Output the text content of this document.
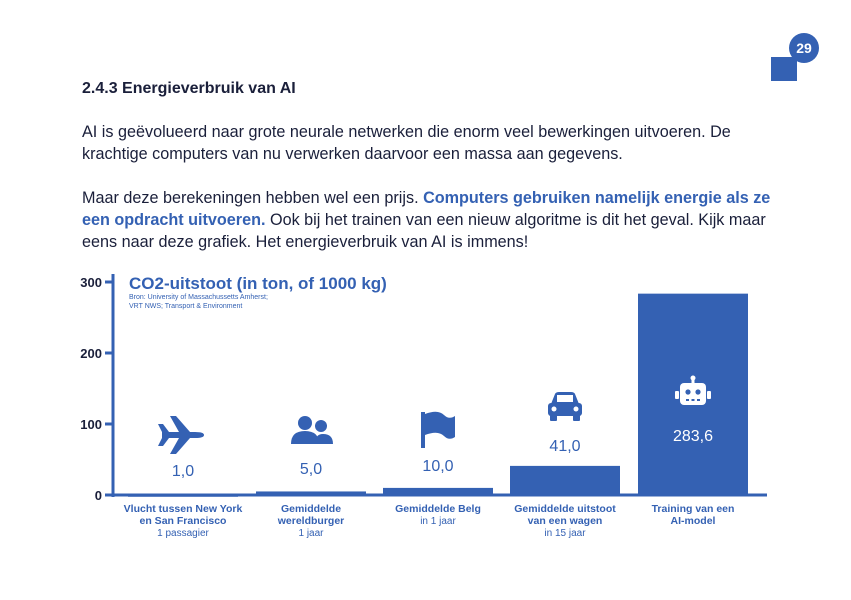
29
2.4.3 Energieverbruik van AI

AI is geëvolueerd naar grote neurale netwerken die enorm veel bewerkingen uitvoeren. De krachtige computers van nu verwerken daarvoor een massa aan gegevens.

Maar deze berekeningen hebben wel een prijs. Computers gebruiken namelijk energie als ze een opdracht uitvoeren. Ook bij het trainen van een nieuw algoritme is dit het geval. Kijk maar eens naar deze grafiek. Het energieverbruik van AI is immens!

0
100
200
300 CO2-uitstoot (in ton, of 1000 kg)
Bron: University of Massachussetts Amherst;
VRT NWS; Transport & Environment
1,0
Vlucht tussen New York
en San Francisco
1 passagier
5,0
Gemiddelde
wereldburger
1 jaar
10,0
Gemiddelde Belg
in 1 jaar
41,0
Gemiddelde uitstoot
van een wagen
in 15 jaar
283,6
Training van een
AI-model
